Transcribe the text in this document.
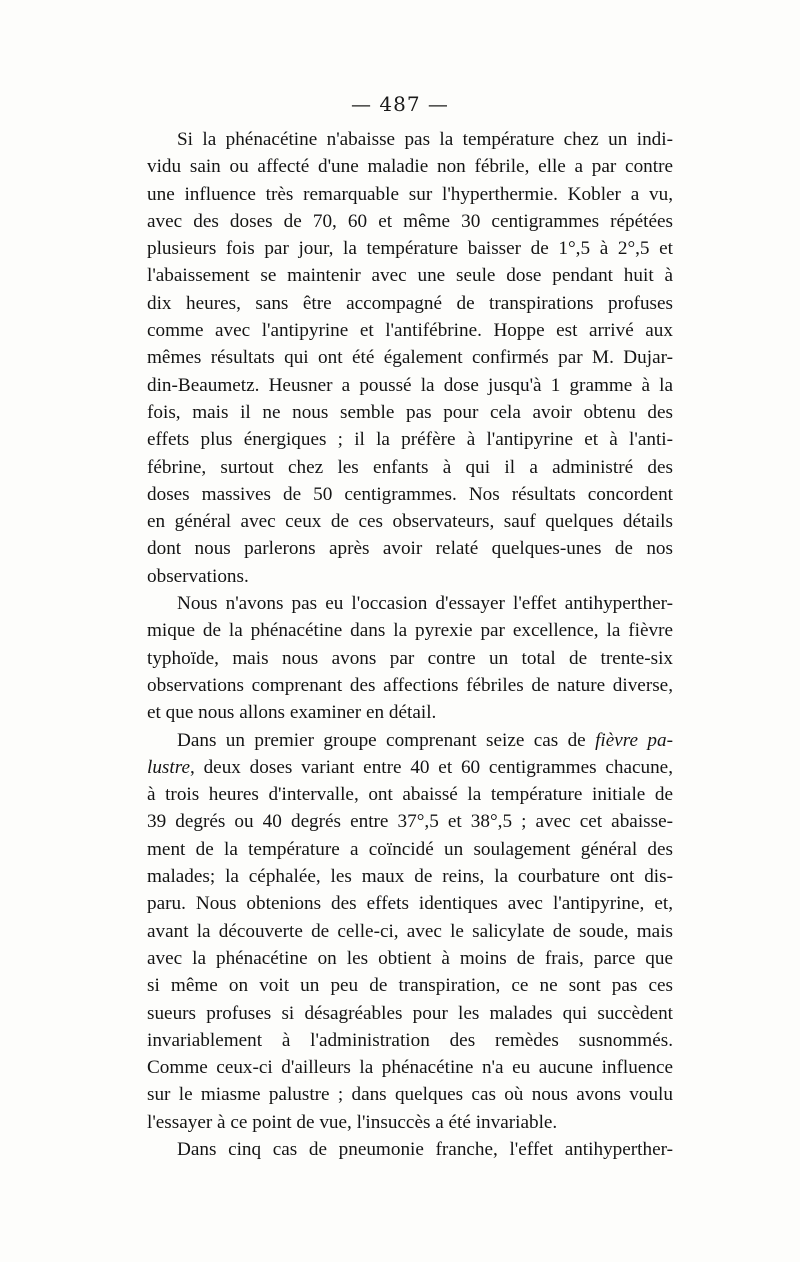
— 487 —
Si la phénacétine n'abaisse pas la température chez un indi-
vidu sain ou affecté d'une maladie non fébrile, elle a par contre
une influence très remarquable sur l'hyperthermie. Kobler a vu,
avec des doses de 70, 60 et même 30 centigrammes répétées
plusieurs fois par jour, la température baisser de 1°,5 à 2°,5 et
l'abaissement se maintenir avec une seule dose pendant huit à
dix heures, sans être accompagné de transpirations profuses
comme avec l'antipyrine et l'antifébrine. Hoppe est arrivé aux
mêmes résultats qui ont été également confirmés par M. Dujar-
din-Beaumetz. Heusner a poussé la dose jusqu'à 1 gramme à la
fois, mais il ne nous semble pas pour cela avoir obtenu des
effets plus énergiques ; il la préfère à l'antipyrine et à l'anti-
fébrine, surtout chez les enfants à qui il a administré des
doses massives de 50 centigrammes. Nos résultats concordent
en général avec ceux de ces observateurs, sauf quelques détails
dont nous parlerons après avoir relaté quelques-unes de nos
observations.
Nous n'avons pas eu l'occasion d'essayer l'effet antihyperther-
mique de la phénacétine dans la pyrexie par excellence, la fièvre
typhoïde, mais nous avons par contre un total de trente-six
observations comprenant des affections fébriles de nature diverse,
et que nous allons examiner en détail.
Dans un premier groupe comprenant seize cas de fièvre pa-
lustre, deux doses variant entre 40 et 60 centigrammes chacune,
à trois heures d'intervalle, ont abaissé la température initiale de
39 degrés ou 40 degrés entre 37°,5 et 38°,5 ; avec cet abaisse-
ment de la température a coïncidé un soulagement général des
malades; la céphalée, les maux de reins, la courbature ont dis-
paru. Nous obtenions des effets identiques avec l'antipyrine, et,
avant la découverte de celle-ci, avec le salicylate de soude, mais
avec la phénacétine on les obtient à moins de frais, parce que
si même on voit un peu de transpiration, ce ne sont pas ces
sueurs profuses si désagréables pour les malades qui succèdent
invariablement à l'administration des remèdes susnommés.
Comme ceux-ci d'ailleurs la phénacétine n'a eu aucune influence
sur le miasme palustre ; dans quelques cas où nous avons voulu
l'essayer à ce point de vue, l'insuccès a été invariable.
Dans cinq cas de pneumonie franche, l'effet antihyperther-
